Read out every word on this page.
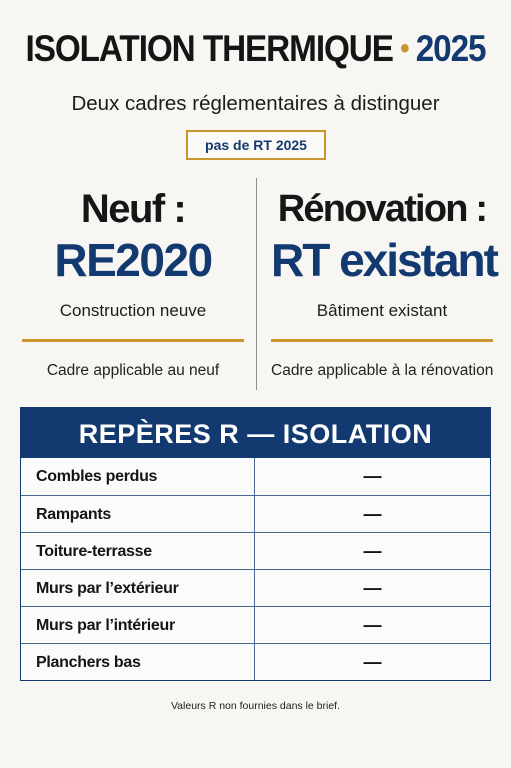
ISOLATION THERMIQUE • 2025
Deux cadres réglementaires à distinguer
pas de RT 2025
Neuf :
RE2020
Construction neuve
Cadre applicable au neuf
Rénovation :
RT existant
Bâtiment existant
Cadre applicable à la rénovation
REPÈRES R — ISOLATION
Combles perdus	—
Rampants	—
Toiture-terrasse	—
Murs par l’extérieur	—
Murs par l’intérieur	—
Planchers bas	—
Valeurs R non fournies dans le brief.
